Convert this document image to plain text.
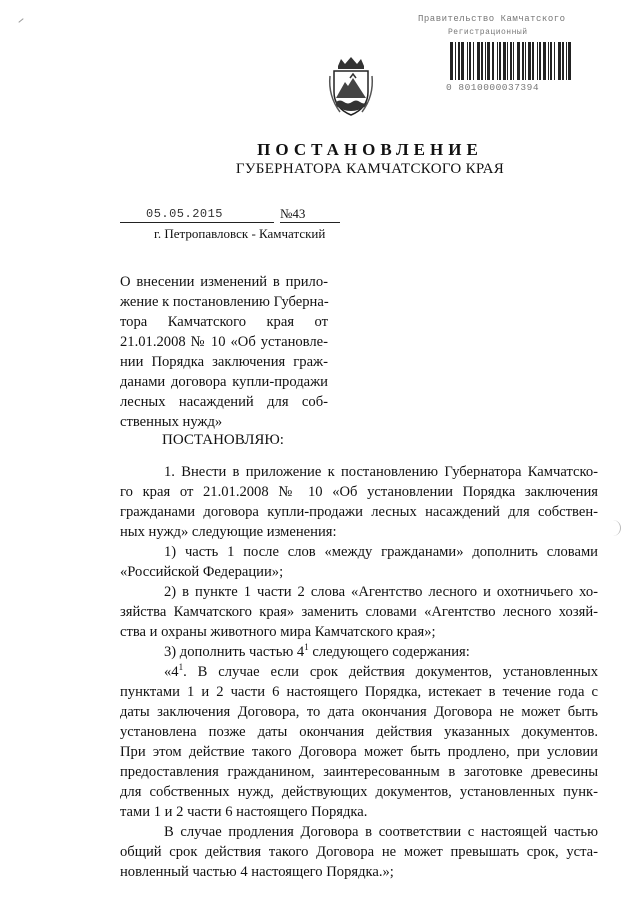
Правительство Камчатского
Регистрационный
0 8010000037394
ПОСТАНОВЛЕНИЕ
ГУБЕРНАТОРА КАМЧАТСКОГО КРАЯ
05.05.2015	№43
г. Петропавловск - Камчатский
О внесении изменений в прило-
жение к постановлению Губерна-
тора Камчатского края от
21.01.2008 № 10 «Об установле-
нии Порядка заключения граж-
данами договора купли-продажи
лесных насаждений для соб-
ственных нужд»
ПОСТАНОВЛЯЮ:
1. Внести в приложение к постановлению Губернатора Камчатско-
го края от 21.01.2008 № 10 «Об установлении Порядка заключения
гражданами договора купли-продажи лесных насаждений для собствен-
ных нужд» следующие изменения:
1) часть 1 после слов «между гражданами» дополнить словами
«Российской Федерации»;
2) в пункте 1 части 2 слова «Агентство лесного и охотничьего хо-
зяйства Камчатского края» заменить словами «Агентство лесного хозяй-
ства и охраны животного мира Камчатского края»;
3) дополнить частью $4^1$ следующего содержания:
«$4^1$. В случае если срок действия документов, установленных
пунктами 1 и 2 части 6 настоящего Порядка, истекает в течение года с
даты заключения Договора, то дата окончания Договора не может быть
установлена позже даты окончания действия указанных документов.
При этом действие такого Договора может быть продлено, при условии
предоставления гражданином, заинтересованным в заготовке древесины
для собственных нужд, действующих документов, установленных пунк-
тами 1 и 2 части 6 настоящего Порядка.
В случае продления Договора в соответствии с настоящей частью
общий срок действия такого Договора не может превышать срок, уста-
новленный частью 4 настоящего Порядка.»;
